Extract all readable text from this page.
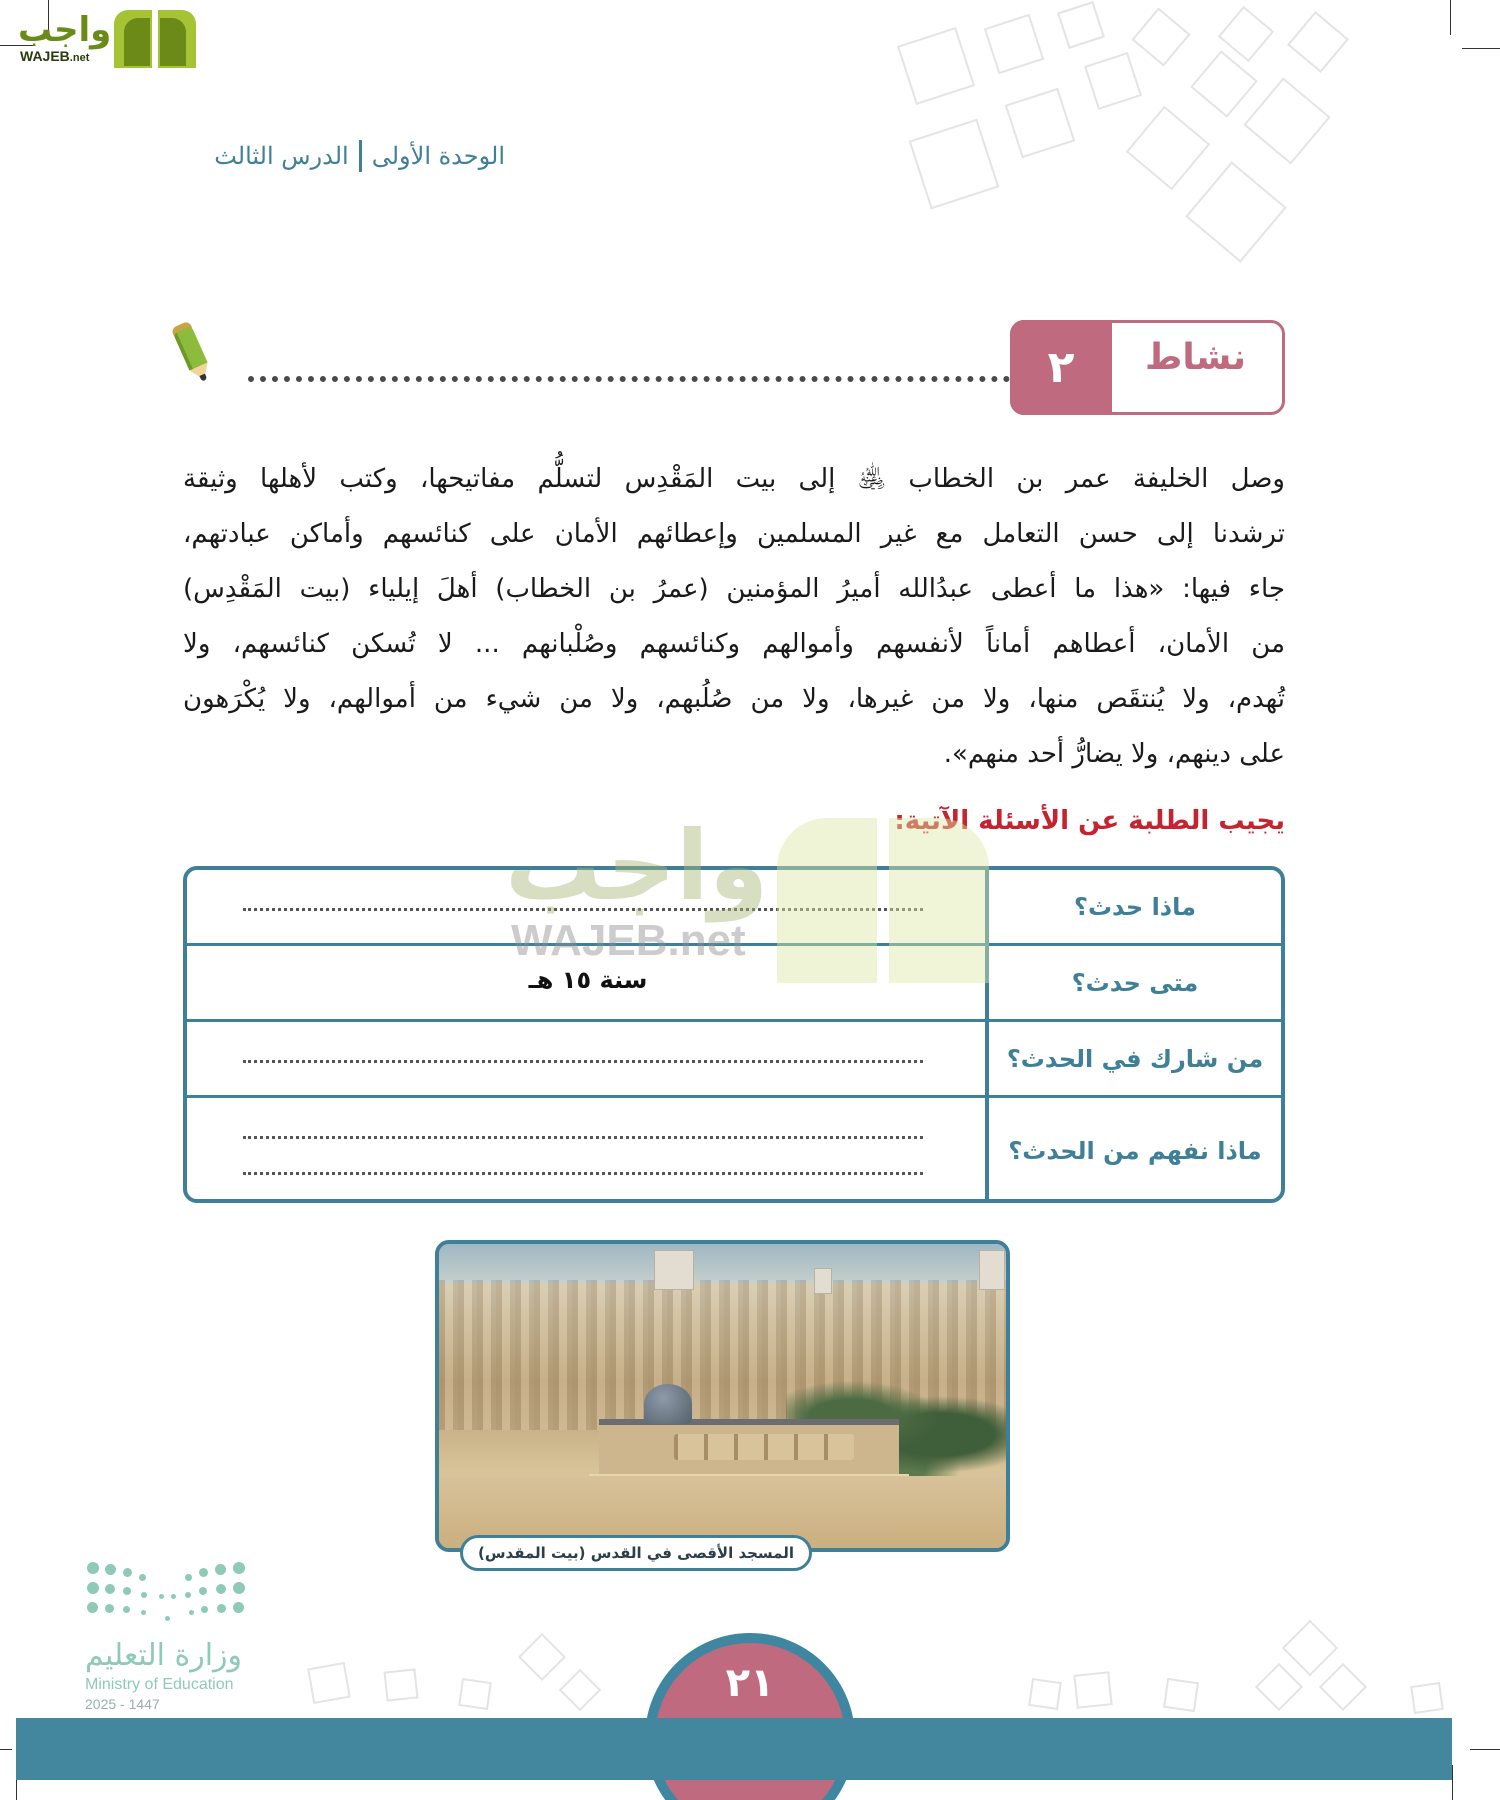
واجب
WAJEB.net
الوحدة الأولى
الدرس الثالث
٢	نشاط
وصل الخليفة عمر بن الخطاب ﵁ إلى بيت المَقْدِس لتسلُّم مفاتيحها، وكتب لأهلها وثيقة
ترشدنا إلى حسن التعامل مع غير المسلمين وإعطائهم الأمان على كنائسهم وأماكن عبادتهم،
جاء فيها: «هذا ما أعطى عبدُالله أميرُ المؤمنين (عمرُ بن الخطاب) أهلَ إيلياء (بيت المَقْدِس)
من الأمان، أعطاهم أماناً لأنفسهم وأموالهم وكنائسهم وصُلْبانهم ... لا تُسكن كنائسهم، ولا
تُهدم، ولا يُنتقَص منها، ولا من غيرها، ولا من صُلُبهم، ولا من شيء من أموالهم، ولا يُكْرَهون
على دينهم، ولا يضارُّ أحد منهم».
يجيب الطلبة عن الأسئلة الآتية:
ماذا حدث؟
متى حدث؟
سنة ١٥ هـ
من شارك في الحدث؟
ماذا نفهم من الحدث؟
واجب
WAJEB.net
المسجد الأقصى في القدس (بيت المقدس)
وزارة التعليم
Ministry of Education
2025 - 1447	٢١
